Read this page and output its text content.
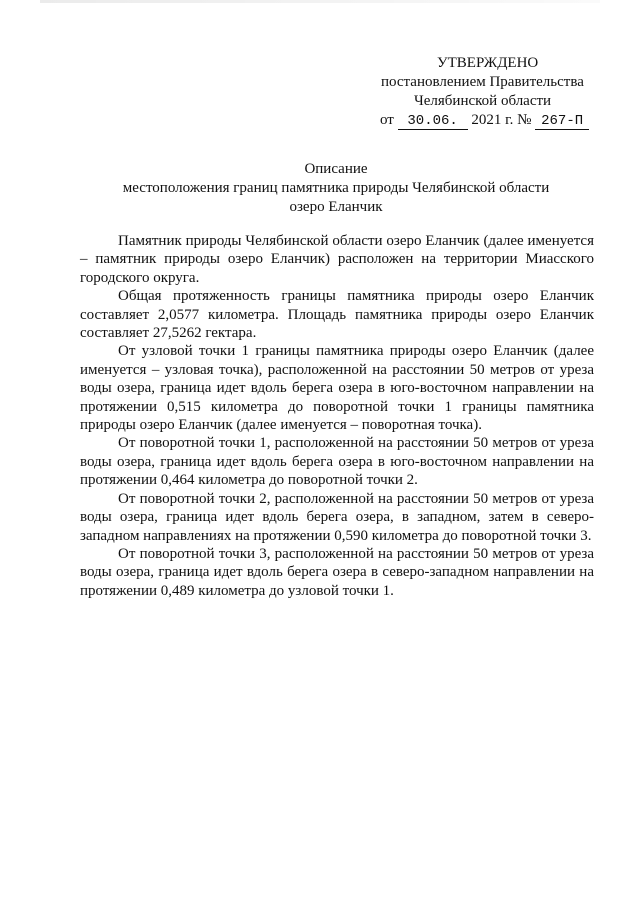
УТВЕРЖДЕНО
постановлением Правительства
Челябинской области
от 30.06. 2021 г. № 267-П
Описание
местоположения границ памятника природы Челябинской области
озеро Еланчик

Памятник природы Челябинской области озеро Еланчик (далее именуется – памятник природы озеро Еланчик) расположен на территории Миасского городского округа.

Общая протяженность границы памятника природы озеро Еланчик составляет 2,0577 километра. Площадь памятника природы озеро Еланчик составляет 27,5262 гектара.

От узловой точки 1 границы памятника природы озеро Еланчик (далее именуется – узловая точка), расположенной на расстоянии 50 метров от уреза воды озера, граница идет вдоль берега озера в юго-восточном направлении на протяжении 0,515 километра до поворотной точки 1 границы памятника природы озеро Еланчик (далее именуется – поворотная точка).

От поворотной точки 1, расположенной на расстоянии 50 метров от уреза воды озера, граница идет вдоль берега озера в юго-восточном направлении на протяжении 0,464 километра до поворотной точки 2.

От поворотной точки 2, расположенной на расстоянии 50 метров от уреза воды озера, граница идет вдоль берега озера, в западном, затем в северо-западном направлениях на протяжении 0,590 километра до поворотной точки 3.

От поворотной точки 3, расположенной на расстоянии 50 метров от уреза воды озера, граница идет вдоль берега озера в северо-западном направлении на протяжении 0,489 километра до узловой точки 1.
